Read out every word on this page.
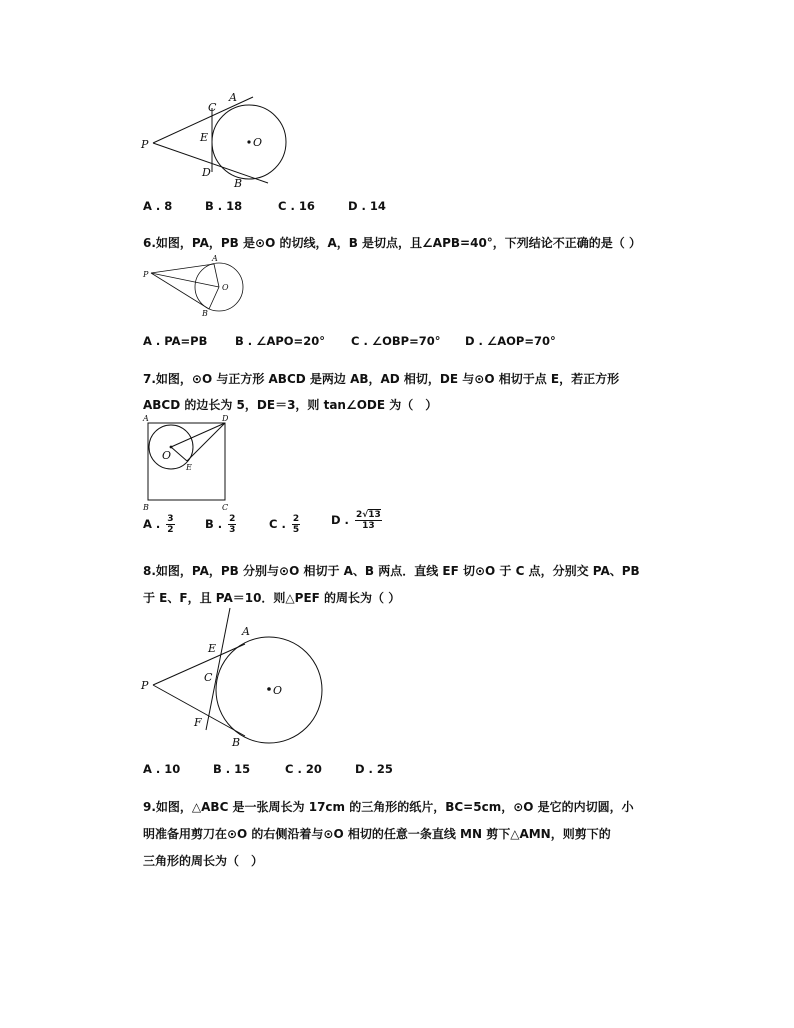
A
C
P
E	O
D
B
A
P
O
B
A	D
O
E
B	C
E
A
P
C
O
F
B
A . 8	B . 18	C . 16	D . 14
6.如图，PA，PB 是⊙O 的切线，A，B 是切点，且∠APB=40°，下列结论不正确的是（ ）
A . PA=PB B . ∠APO=20° C . ∠OBP=70° D . ∠AOP=70°
7.如图，⊙O 与正方形 ABCD 是两边 AB，AD 相切，DE 与⊙O 相切于点 E，若正方形
ABCD 的边长为 5，DE＝3，则 tan∠ODE 为（　）
A . $\frac{3}{2}$	B . $\frac{2}{3}$	C . $\frac{2}{5}$	D . $\frac{2√13}{13}$
8.如图，PA，PB 分别与⊙O 相切于 A、B 两点．直线 EF 切⊙O 于 C 点，分别交 PA、PB
于 E、F，且 PA＝10．则△PEF 的周长为（ ）
A . 10	B . 15	C . 20	D . 25
9.如图，△ABC 是一张周长为 17cm 的三角形的纸片，BC=5cm，⊙O 是它的内切圆，小
明准备用剪刀在⊙O 的右侧沿着与⊙O 相切的任意一条直线 MN 剪下△AMN，则剪下的
三角形的周长为（　）
